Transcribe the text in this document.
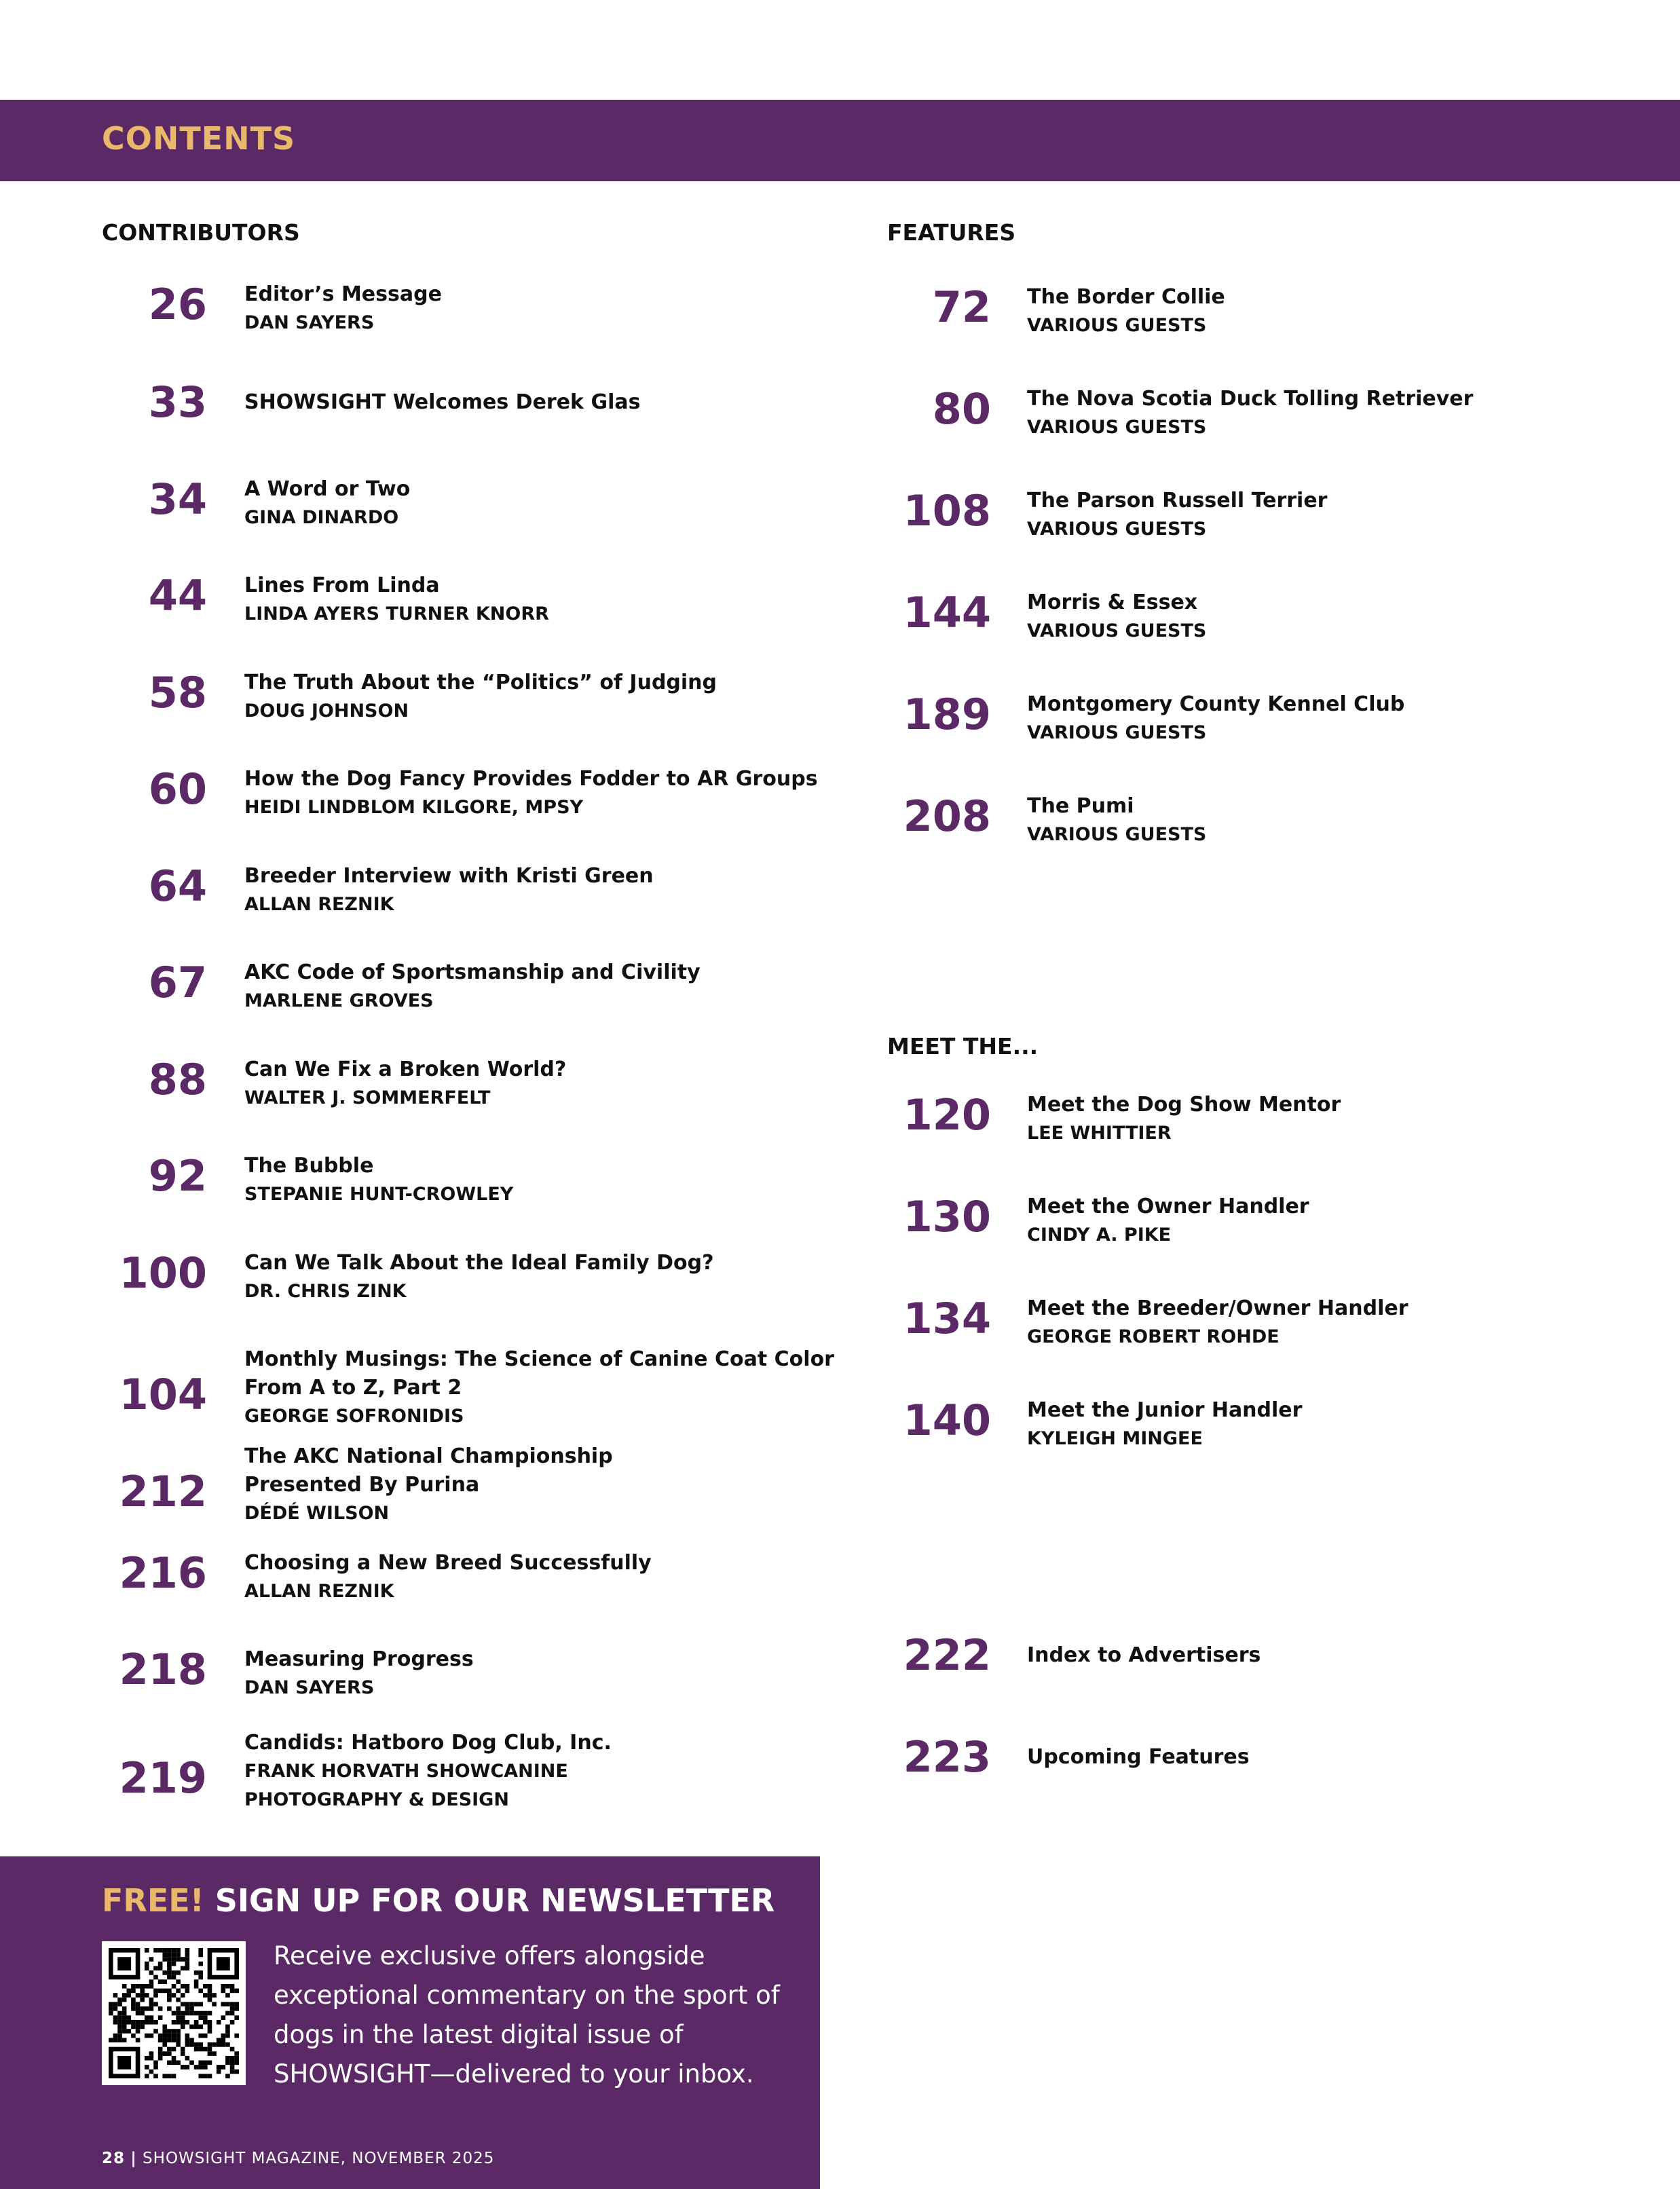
CONTENTS
CONTRIBUTORS	FEATURES
MEET THE...
26 Editor’s Message
DAN SAYERS
33 SHOWSIGHT Welcomes Derek Glas
34 A Word or Two
GINA DINARDO
44 Lines From Linda
LINDA AYERS TURNER KNORR
58 The Truth About the “Politics” of Judging
DOUG JOHNSON
60 How the Dog Fancy Provides Fodder to AR Groups
HEIDI LINDBLOM KILGORE, MPSY
64 Breeder Interview with Kristi Green
ALLAN REZNIK
67 AKC Code of Sportsmanship and Civility
MARLENE GROVES
88 Can We Fix a Broken World?
WALTER J. SOMMERFELT
92 The Bubble
STEPANIE HUNT-CROWLEY
100 Can We Talk About the Ideal Family Dog?
DR. CHRIS ZINK
104
Monthly Musings: The Science of Canine Coat Color
From A to Z, Part 2
GEORGE SOFRONIDIS
212
The AKC National Championship
Presented By Purina
DÉDÉ WILSON
216 Choosing a New Breed Successfully
ALLAN REZNIK
218 Measuring Progress
DAN SAYERS
219
Candids: Hatboro Dog Club, Inc.
FRANK HORVATH SHOWCANINE
PHOTOGRAPHY & DESIGN
72 The Border Collie
VARIOUS GUESTS
80 The Nova Scotia Duck Tolling Retriever
VARIOUS GUESTS
108 The Parson Russell Terrier
VARIOUS GUESTS
144 Morris & Essex
VARIOUS GUESTS
189 Montgomery County Kennel Club
VARIOUS GUESTS
208 The Pumi
VARIOUS GUESTS
120 Meet the Dog Show Mentor
LEE WHITTIER
130 Meet the Owner Handler
CINDY A. PIKE
134 Meet the Breeder/Owner Handler
GEORGE ROBERT ROHDE
140 Meet the Junior Handler
KYLEIGH MINGEE
222 Index to Advertisers
223 Upcoming Features
FREE! SIGN UP FOR OUR NEWSLETTER
Receive exclusive offers alongside exceptional commentary on the sport of dogs in the latest digital issue of SHOWSIGHT—delivered to your inbox.
28 | SHOWSIGHT MAGAZINE, NOVEMBER 2025
